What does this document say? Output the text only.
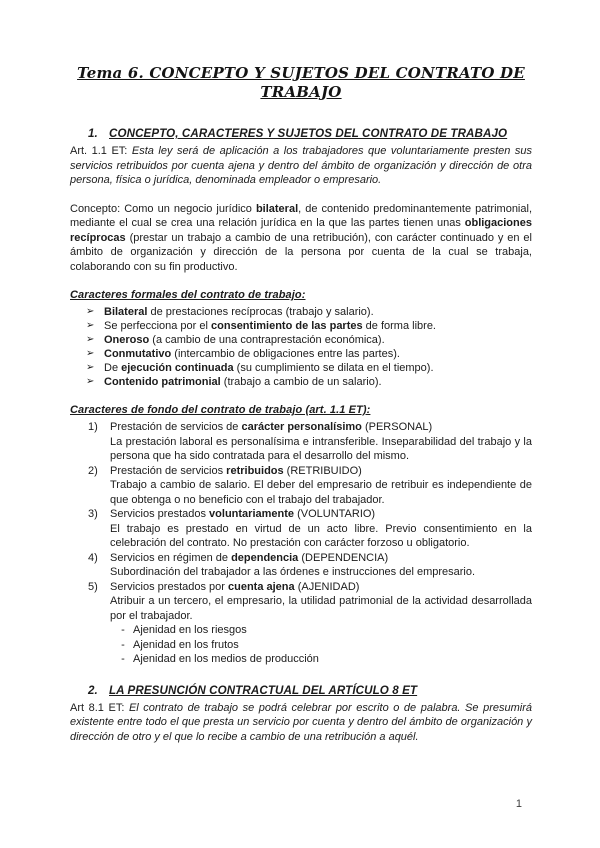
Tema 6. CONCEPTO Y SUJETOS DEL CONTRATO DE TRABAJO
1. CONCEPTO, CARACTERES Y SUJETOS DEL CONTRATO DE TRABAJO

Art. 1.1 ET: Esta ley será de aplicación a los trabajadores que voluntariamente presten sus servicios retribuidos por cuenta ajena y dentro del ámbito de organización y dirección de otra persona, física o jurídica, denominada empleador o empresario.

Concepto: Como un negocio jurídico bilateral, de contenido predominantemente patrimonial, mediante el cual se crea una relación jurídica en la que las partes tienen unas obligaciones recíprocas (prestar un trabajo a cambio de una retribución), con carácter continuado y en el ámbito de organización y dirección de la persona por cuenta de la cual se trabaja, colaborando con su fin productivo.

Caracteres formales del contrato de trabajo:
➢ Bilateral de prestaciones recíprocas (trabajo y salario).
➢ Se perfecciona por el consentimiento de las partes de forma libre.
➢ Oneroso (a cambio de una contraprestación económica).
➢ Conmutativo (intercambio de obligaciones entre las partes).
➢ De ejecución continuada (su cumplimiento se dilata en el tiempo).
➢ Contenido patrimonial (trabajo a cambio de un salario).
Caracteres de fondo del contrato de trabajo (art. 1.1 ET):
1)	Prestación de servicios de carácter personalísimo (PERSONAL)
La prestación laboral es personalísima e intransferible. Inseparabilidad del trabajo y la persona que ha sido contratada para el desarrollo del mismo.
2)	Prestación de servicios retribuidos (RETRIBUIDO)
Trabajo a cambio de salario. El deber del empresario de retribuir es independiente de que obtenga o no beneficio con el trabajo del trabajador.
3)	Servicios prestados voluntariamente (VOLUNTARIO)
El trabajo es prestado en virtud de un acto libre. Previo consentimiento en la celebración del contrato. No prestación con carácter forzoso u obligatorio.
4)	Servicios en régimen de dependencia (DEPENDENCIA)
Subordinación del trabajador a las órdenes e instrucciones del empresario.
5)	Servicios prestados por cuenta ajena (AJENIDAD)
Atribuir a un tercero, el empresario, la utilidad patrimonial de la actividad desarrollada por el trabajador.
- Ajenidad en los riesgos
- Ajenidad en los frutos
- Ajenidad en los medios de producción
2. LA PRESUNCIÓN CONTRACTUAL DEL ARTÍCULO 8 ET

Art 8.1 ET: El contrato de trabajo se podrá celebrar por escrito o de palabra. Se presumirá existente entre todo el que presta un servicio por cuenta y dentro del ámbito de organización y dirección de otro y el que lo recibe a cambio de una retribución a aquél.

1
